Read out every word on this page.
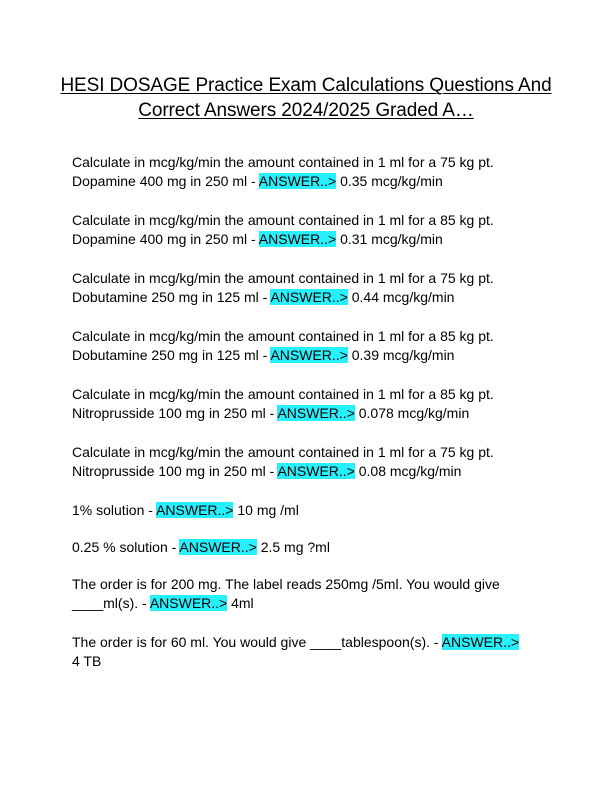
HESI DOSAGE Practice Exam Calculations Questions And
Correct Answers 2024/2025 Graded A…

Calculate in mcg/kg/min the amount contained in 1 ml for a 75 kg pt.
Dopamine 400 mg in 250 ml - ANSWER..> 0.35 mcg/kg/min

Calculate in mcg/kg/min the amount contained in 1 ml for a 85 kg pt.
Dopamine 400 mg in 250 ml - ANSWER..> 0.31 mcg/kg/min

Calculate in mcg/kg/min the amount contained in 1 ml for a 75 kg pt.
Dobutamine 250 mg in 125 ml - ANSWER..> 0.44 mcg/kg/min

Calculate in mcg/kg/min the amount contained in 1 ml for a 85 kg pt.
Dobutamine 250 mg in 125 ml - ANSWER..> 0.39 mcg/kg/min

Calculate in mcg/kg/min the amount contained in 1 ml for a 85 kg pt.
Nitroprusside 100 mg in 250 ml - ANSWER..> 0.078 mcg/kg/min

Calculate in mcg/kg/min the amount contained in 1 ml for a 75 kg pt.
Nitroprusside 100 mg in 250 ml - ANSWER..> 0.08 mcg/kg/min

1% solution - ANSWER..> 10 mg /ml

0.25 % solution - ANSWER..> 2.5 mg ?ml

The order is for 200 mg. The label reads 250mg /5ml. You would give
____ml(s). - ANSWER..> 4ml

The order is for 60 ml. You would give ____tablespoon(s). - ANSWER..>
4 TB
